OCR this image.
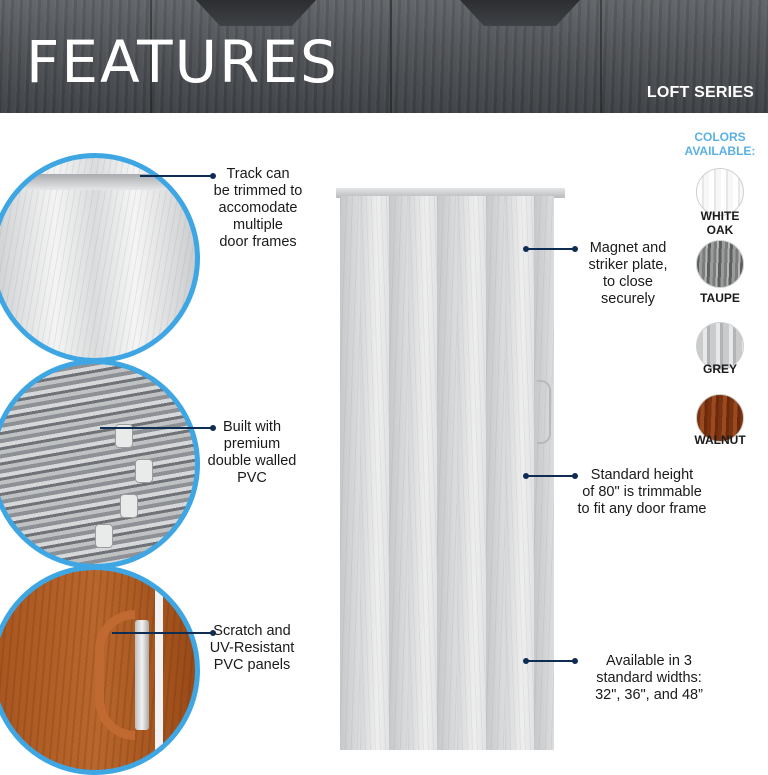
FEATURES	LOFT SERIES
Track can
be trimmed to
accomodate
multiple
door frames
Built with
premium
double walled
PVC
Scratch and
UV-Resistant
PVC panels
Magnet and
striker plate,
to close
securely
Standard height
of 80" is trimmable
to fit any door frame
Available in 3
standard widths:
32", 36", and 48”
COLORS
AVAILABLE:
WHITE
OAK
TAUPE
GREY
WALNUT
